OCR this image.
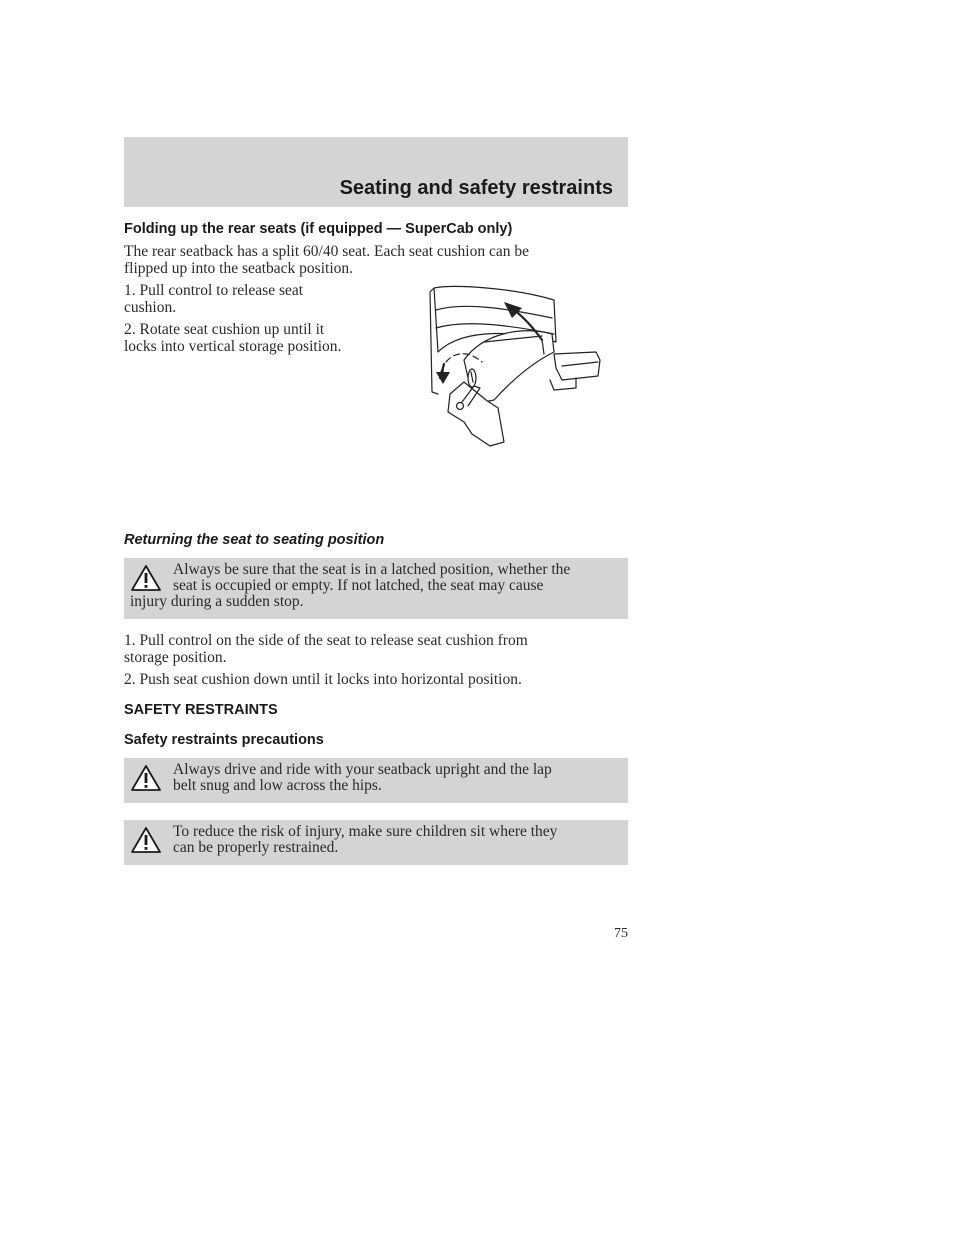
Seating and safety restraints
Folding up the rear seats (if equipped — SuperCab only)

The rear seatback has a split 60/40 seat. Each seat cushion can be

flipped up into the seatback position.

1. Pull control to release seat

cushion.

2. Rotate seat cushion up until it

locks into vertical storage position.

Returning the seat to seating position

Always be sure that the seat is in a latched position, whether the

seat is occupied or empty. If not latched, the seat may cause

injury during a sudden stop.

1. Pull control on the side of the seat to release seat cushion from

storage position.

2. Push seat cushion down until it locks into horizontal position.

SAFETY RESTRAINTS
Safety restraints precautions

Always drive and ride with your seatback upright and the lap

belt snug and low across the hips.

To reduce the risk of injury, make sure children sit where they

can be properly restrained.

75
